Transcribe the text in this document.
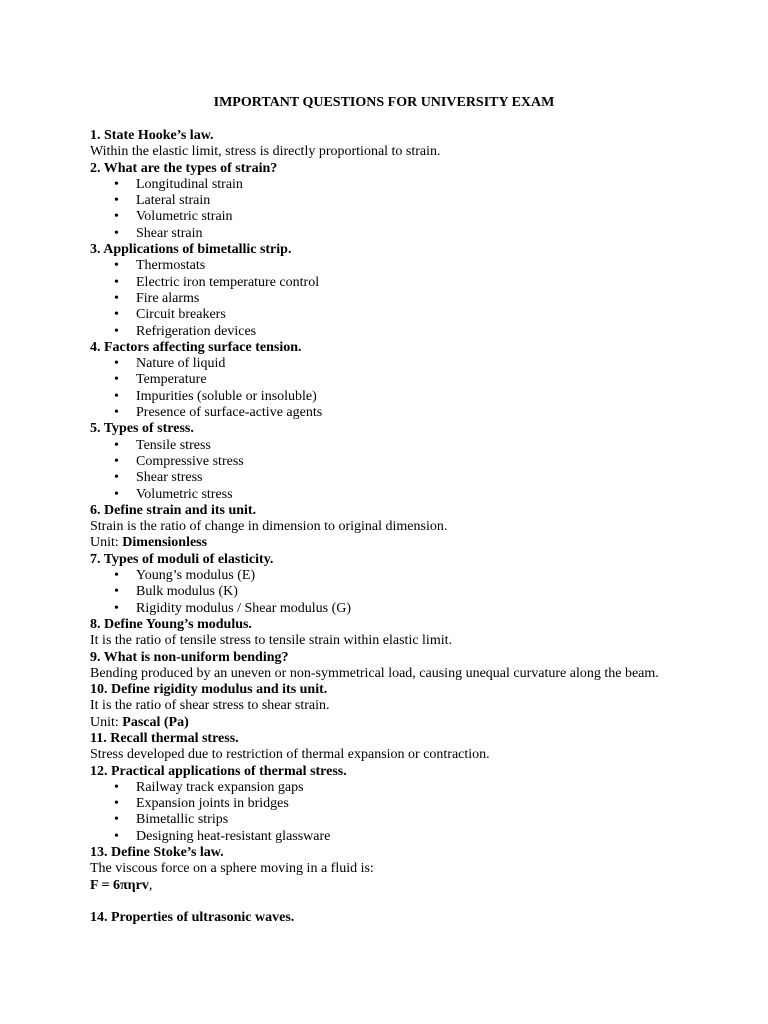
IMPORTANT QUESTIONS FOR UNIVERSITY EXAM

1. State Hooke’s law.

Within the elastic limit, stress is directly proportional to strain.

2. What are the types of strain?

• Longitudinal strain
• Lateral strain
• Volumetric strain
• Shear strain

3. Applications of bimetallic strip.

• Thermostats
• Electric iron temperature control
• Fire alarms
• Circuit breakers
• Refrigeration devices

4. Factors affecting surface tension.

• Nature of liquid
• Temperature
• Impurities (soluble or insoluble)
• Presence of surface-active agents

5. Types of stress.

• Tensile stress
• Compressive stress
• Shear stress
• Volumetric stress

6. Define strain and its unit.

Strain is the ratio of change in dimension to original dimension.

Unit: Dimensionless

7. Types of moduli of elasticity.

• Young’s modulus (E)
• Bulk modulus (K)
• Rigidity modulus / Shear modulus (G)

8. Define Young’s modulus.

It is the ratio of tensile stress to tensile strain within elastic limit.

9. What is non-uniform bending?

Bending produced by an uneven or non-symmetrical load, causing unequal curvature along the beam.

10. Define rigidity modulus and its unit.

It is the ratio of shear stress to shear strain.

Unit: Pascal (Pa)

11. Recall thermal stress.

Stress developed due to restriction of thermal expansion or contraction.

12. Practical applications of thermal stress.

• Railway track expansion gaps
• Expansion joints in bridges
• Bimetallic strips
• Designing heat-resistant glassware

13. Define Stoke’s law.

The viscous force on a sphere moving in a fluid is:

F = 6πηrv,

14. Properties of ultrasonic waves.
